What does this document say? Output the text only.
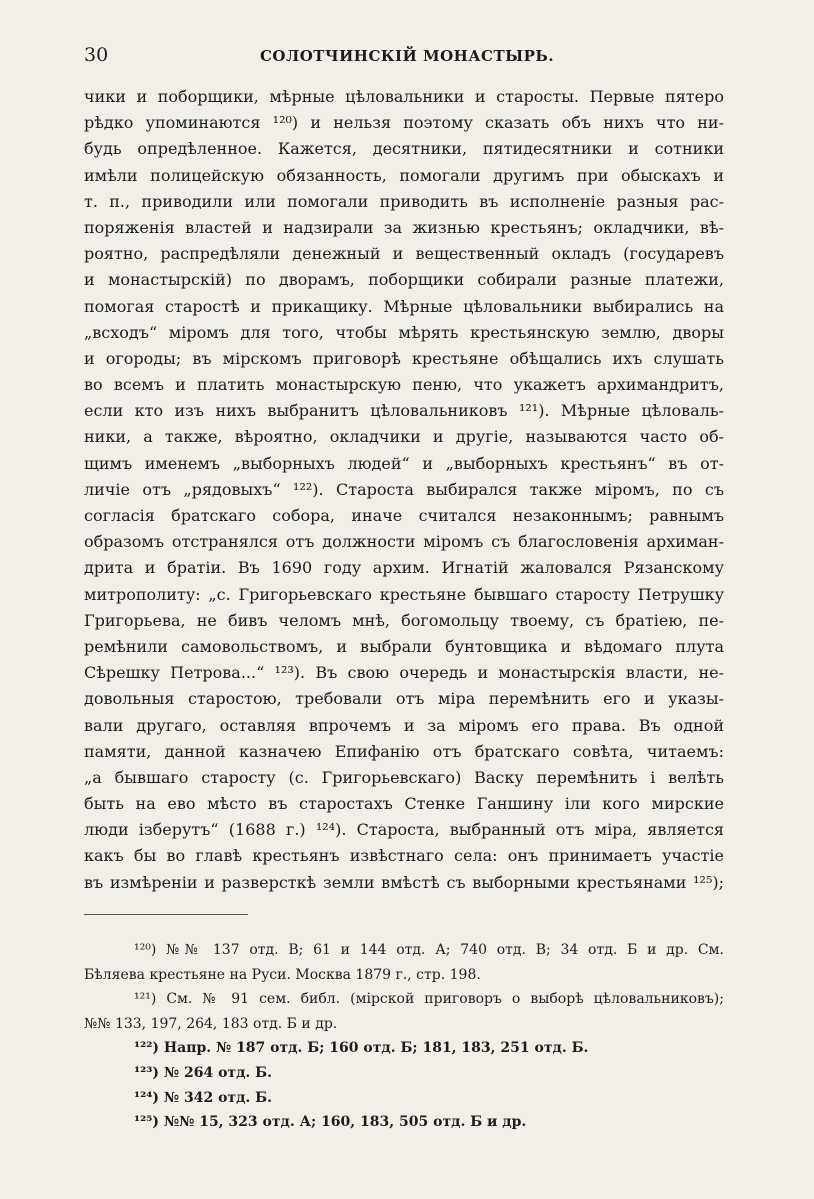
30	СОЛОТЧИНСКІЙ МОНАСТЫРЬ.
чики и поборщики, мѣрные цѣловальники и старосты. Первые пятеро
рѣдко упоминаются ¹²⁰) и нельзя поэтому сказать объ нихъ что ни-
будь опредѣленное. Кажется, десятники, пятидесятники и сотники
имѣли полицейскую обязанность, помогали другимъ при обыскахъ и
т. п., приводили или помогали приводить въ исполненіе разныя рас-
поряженія властей и надзирали за жизнью крестьянъ; окладчики, вѣ-
роятно, распредѣляли денежный и вещественный окладъ (государевъ
и монастырскій) по дворамъ, поборщики собирали разные платежи,
помогая старостѣ и прикащику. Мѣрные цѣловальники выбирались на
„всходъ“ міромъ для того, чтобы мѣрять крестьянскую землю, дворы
и огороды; въ мірскомъ приговорѣ крестьяне обѣщались ихъ слушать
во всемъ и платить монастырскую пеню, что укажетъ архимандритъ,
если кто изъ нихъ выбранитъ цѣловальниковъ ¹²¹). Мѣрные цѣловаль-
ники, а также, вѣроятно, окладчики и другіе, называются часто об-
щимъ именемъ „выборныхъ людей“ и „выборныхъ крестьянъ“ въ от-
личіе отъ „рядовыхъ“ ¹²²). Староста выбирался также міромъ, по съ
согласія братскаго собора, иначе считался незаконнымъ; равнымъ
образомъ отстранялся отъ должности міромъ съ благословенія архиман-
дрита и братіи. Въ 1690 году архим. Игнатій жаловался Рязанскому
митрополиту: „с. Григорьевскаго крестьяне бывшаго старосту Петрушку
Григорьева, не бивъ челомъ мнѣ, богомольцу твоему, съ братіею, пе-
ремѣнили самовольствомъ, и выбрали бунтовщика и вѣдомаго плута
Сѣрешку Петрова...“ ¹²³). Въ свою очередь и монастырскія власти, не-
довольныя старостою, требовали отъ міра перемѣнить его и указы-
вали другаго, оставляя впрочемъ и за міромъ его права. Въ одной
памяти, данной казначею Епифанію отъ братскаго совѣта, читаемъ:
„а бывшаго старосту (с. Григорьевскаго) Васку перемѣнить і велѣть
быть на ево мѣсто въ старостахъ Стенке Ганшину іли кого мирские
люди ізберутъ“ (1688 г.) ¹²⁴). Староста, выбранный отъ міра, является
какъ бы во главѣ крестьянъ извѣстнаго села: онъ принимаетъ участіе
въ измѣреніи и разверсткѣ земли вмѣстѣ съ выборными крестьянами ¹²⁵);
¹²⁰) №№ 137 отд. В; 61 и 144 отд. А; 740 отд. В; 34 отд. Б и др. См.
Бѣляева крестьяне на Руси. Москва 1879 г., стр. 198.
¹²¹) См. № 91 сем. библ. (мірской приговоръ о выборѣ цѣловальниковъ);
№№ 133, 197, 264, 183 отд. Б и др.
¹²²) Напр. № 187 отд. Б; 160 отд. Б; 181, 183, 251 отд. Б.
¹²³) № 264 отд. Б.
¹²⁴) № 342 отд. Б.
¹²⁵) №№ 15, 323 отд. А; 160, 183, 505 отд. Б и др.
